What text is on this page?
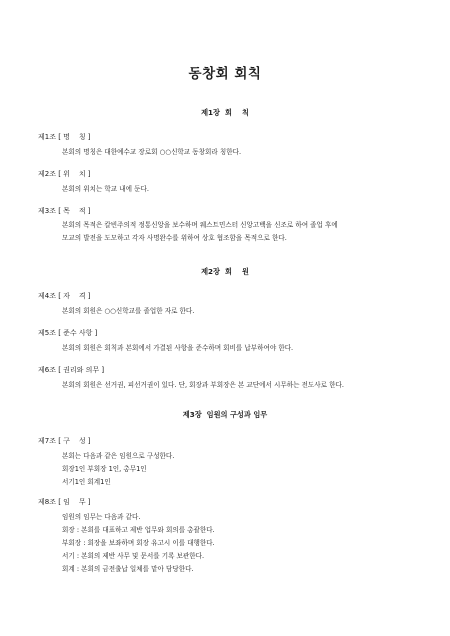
동창회 회칙

제1장  회    칙

제1조 [ 명    칭 ]

본회의 명칭은 대한예수교 장로회 ○○신학교 동창회라 칭한다.

제2조 [ 위    치 ]

본회의 위치는 학교 내에 둔다.

제3조 [ 목    적 ]

본회의 목적은 칼빈주의적 정통신앙을 보수하며 웨스트민스터 신앙고백을 신조로 하여 졸업 후에

모교의 발전을 도모하고 각자 사명완수를 위하여 상호 협조함을 목적으로 한다.

제2장  회    원

제4조 [ 자    격 ]

본회의 회원은 ○○신학교를 졸업한 자로 한다.

제5조 [ 준수 사항 ]

본회의 회원은 회칙과 본회에서 가결된 사항을 준수하며 회비를 납부하여야 한다.

제6조 [ 권리와 의무 ]

본회의 회원은 선거권, 피선거권이 있다. 단, 회장과 부회장은 본 교단에서 시무하는 전도사로 한다.

제3장  임원의 구성과 임무

제7조 [ 구    성 ]

본회는 다음과 같은 임원으로 구성한다.

회장1인 부회장 1인, 총무1인

서기1인 회계1인

제8조 [ 임    무 ]

임원의 임무는 다음과 같다.

회장 : 본회를 대표하고 제반 업무와 회의를 총괄한다.

부회장 : 회장을 보좌하며 회장 유고시 이를 대행한다.

서기 : 본회의 제반 사무 및 문서를 기록 보관한다.

회계 : 본회의 금전출납 일체를 맡아 담당한다.
